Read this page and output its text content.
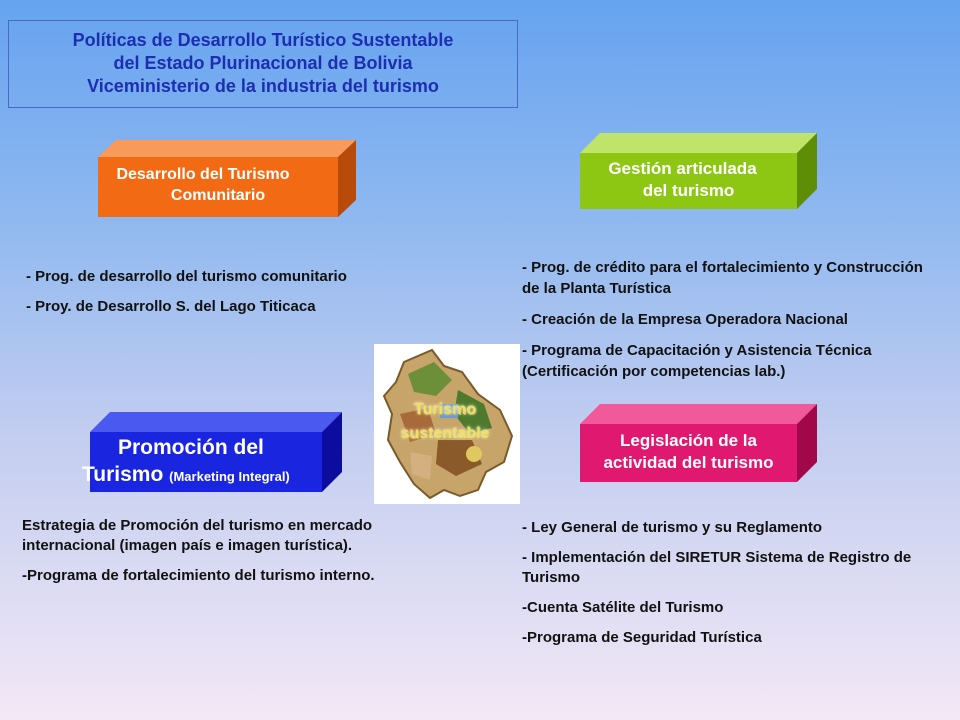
Políticas de Desarrollo Turístico Sustentable
del Estado Plurinacional de Bolivia
Viceministerio de la industria del turismo
Desarrollo del Turismo
Comunitario
Gestión articulada
del turismo
Promoción del
Turismo (Marketing Integral)
Legislación de la
actividad del turismo
Turismo
sustentable

- Prog. de desarrollo del turismo comunitario

- Proy. de Desarrollo S. del Lago Titicaca

- Prog. de crédito para el fortalecimiento y Construcción de la Planta Turística

- Creación de la Empresa Operadora Nacional

- Programa de Capacitación y Asistencia Técnica (Certificación por competencias lab.)

Estrategia de Promoción del turismo en mercado internacional (imagen país e imagen turística).

-Programa de fortalecimiento del turismo interno.

- Ley General de turismo y su Reglamento

- Implementación del SIRETUR Sistema de Registro de Turismo

-Cuenta Satélite del Turismo

-Programa de Seguridad Turística
